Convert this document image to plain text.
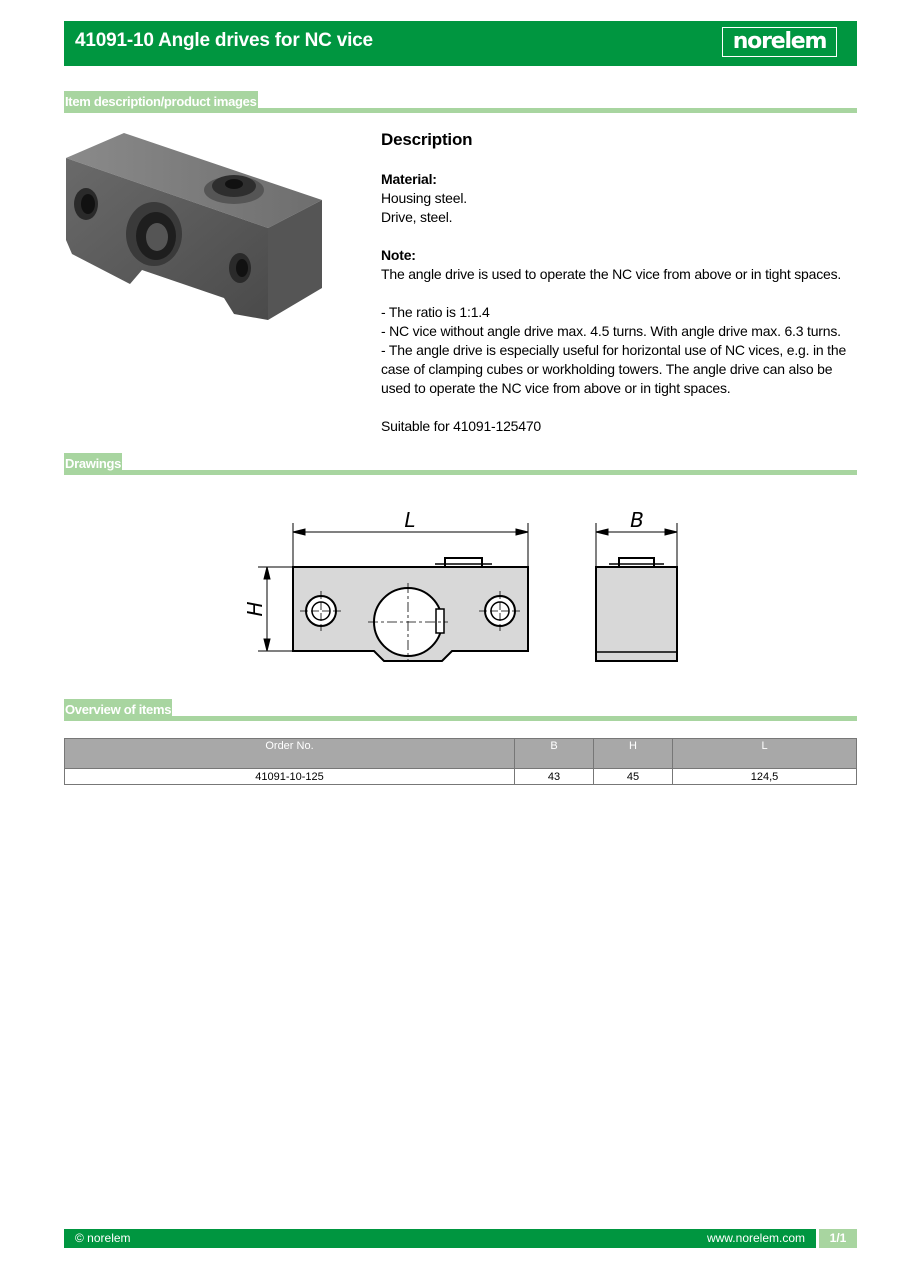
41091-10 Angle drives for NC vice	norelem
Item description/product images
Description

Material:

Housing steel.

Drive, steel.

Note:

The angle drive is used to operate the NC vice from above or in tight spaces.

- The ratio is 1:1.4

- NC vice without angle drive max. 4.5 turns. With angle drive max. 6.3 turns.

- The angle drive is especially useful for horizontal use of NC vices, e.g. in the case of clamping cubes or workholding towers. The angle drive can also be used to operate the NC vice from above or in tight spaces.

Suitable for 41091-125470

Drawings
L
H
B
Overview of items
Order No.	B	H	L
41091-10-125	43	45	124,5
© norelem	www.norelem.com	1/1
